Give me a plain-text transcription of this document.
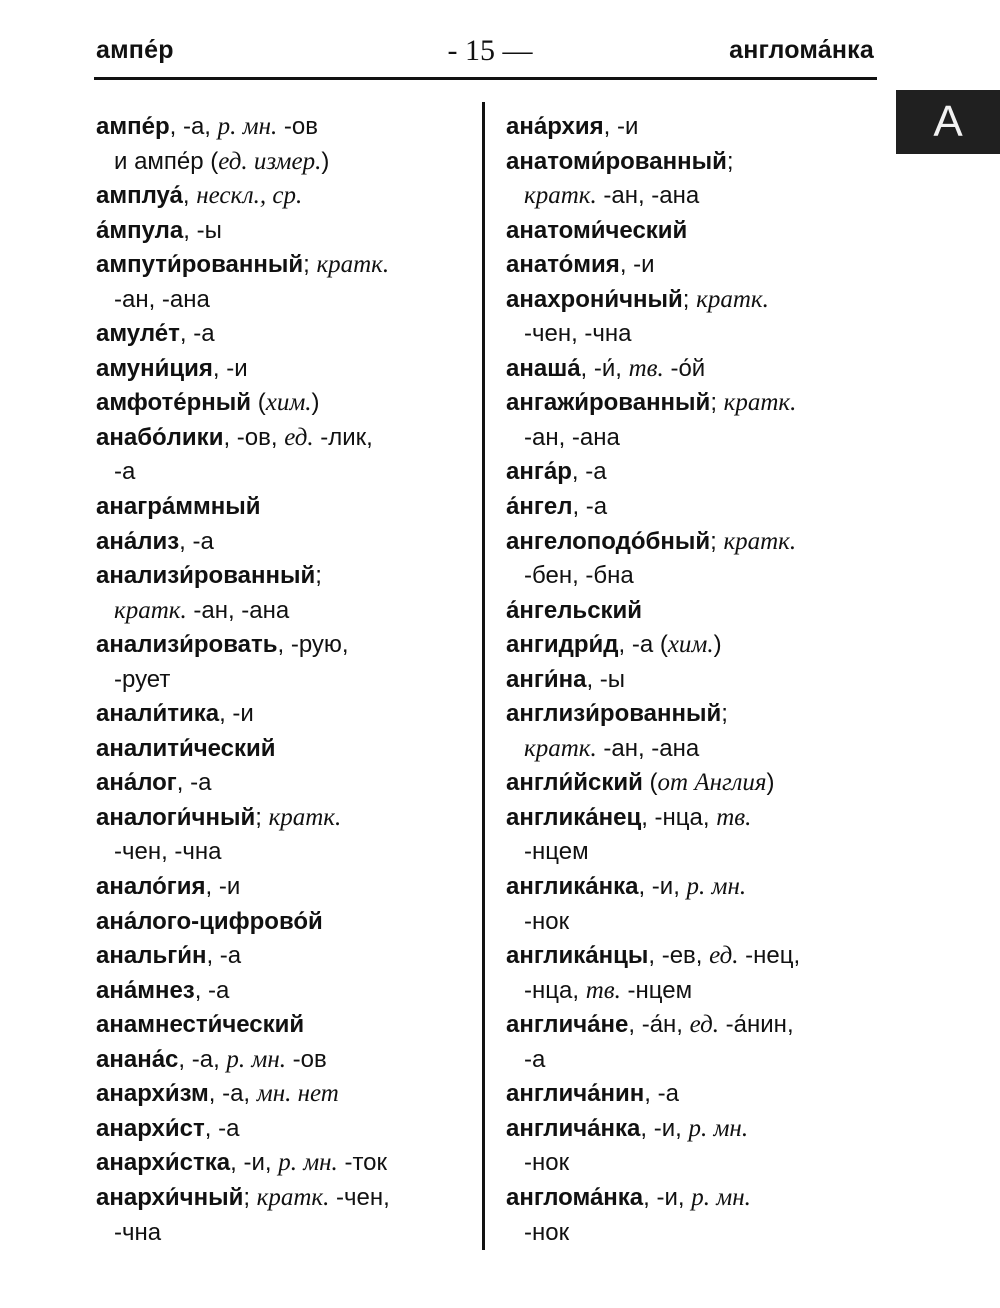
ампе́р	‐ 15 —	англома́нка
А
ампе́р, -а, р. мн. -ов
и ампе́р (ед. измер.)
амплуа́, нескл., ср.
а́мпула, -ы
ампути́рованный; кратк.
-ан, -ана
амуле́т, -а
амуни́ция, -и
амфоте́рный (хим.)
анабо́лики, -ов, ед. -лик,
-а
анагра́ммный
ана́лиз, -а
анализи́рованный;
кратк. -ан, -ана
анализи́ровать, -рую,
-рует
анали́тика, -и
аналити́ческий
ана́лог, -а
аналоги́чный; кратк.
-чен, -чна
анало́гия, -и
ана́лого-цифрово́й
анальги́н, -а
ана́мнез, -а
анамнести́ческий
анана́с, -а, р. мн. -ов
анархи́зм, -а, мн. нет
анархи́ст, -а
анархи́стка, -и, р. мн. -ток
анархи́чный; кратк. -чен,
-чна
ана́рхия, -и
анатоми́рованный;
кратк. -ан, -ана
анатоми́ческий
анато́мия, -и
анахрони́чный; кратк.
-чен, -чна
анаша́, -и́, тв. -о́й
ангажи́рованный; кратк.
-ан, -ана
анга́р, -а
а́нгел, -а
ангелоподо́бный; кратк.
-бен, -бна
а́нгельский
ангидри́д, -а (хим.)
анги́на, -ы
англизи́рованный;
кратк. -ан, -ана
англи́йский (от Англия)
англика́нец, -нца, тв.
-нцем
англика́нка, -и, р. мн.
-нок
англика́нцы, -ев, ед. -нец,
-нца, тв. -нцем
англича́не, -а́н, ед. -а́нин,
-а
англича́нин, -а
англича́нка, -и, р. мн.
-нок
англома́нка, -и, р. мн.
-нок
